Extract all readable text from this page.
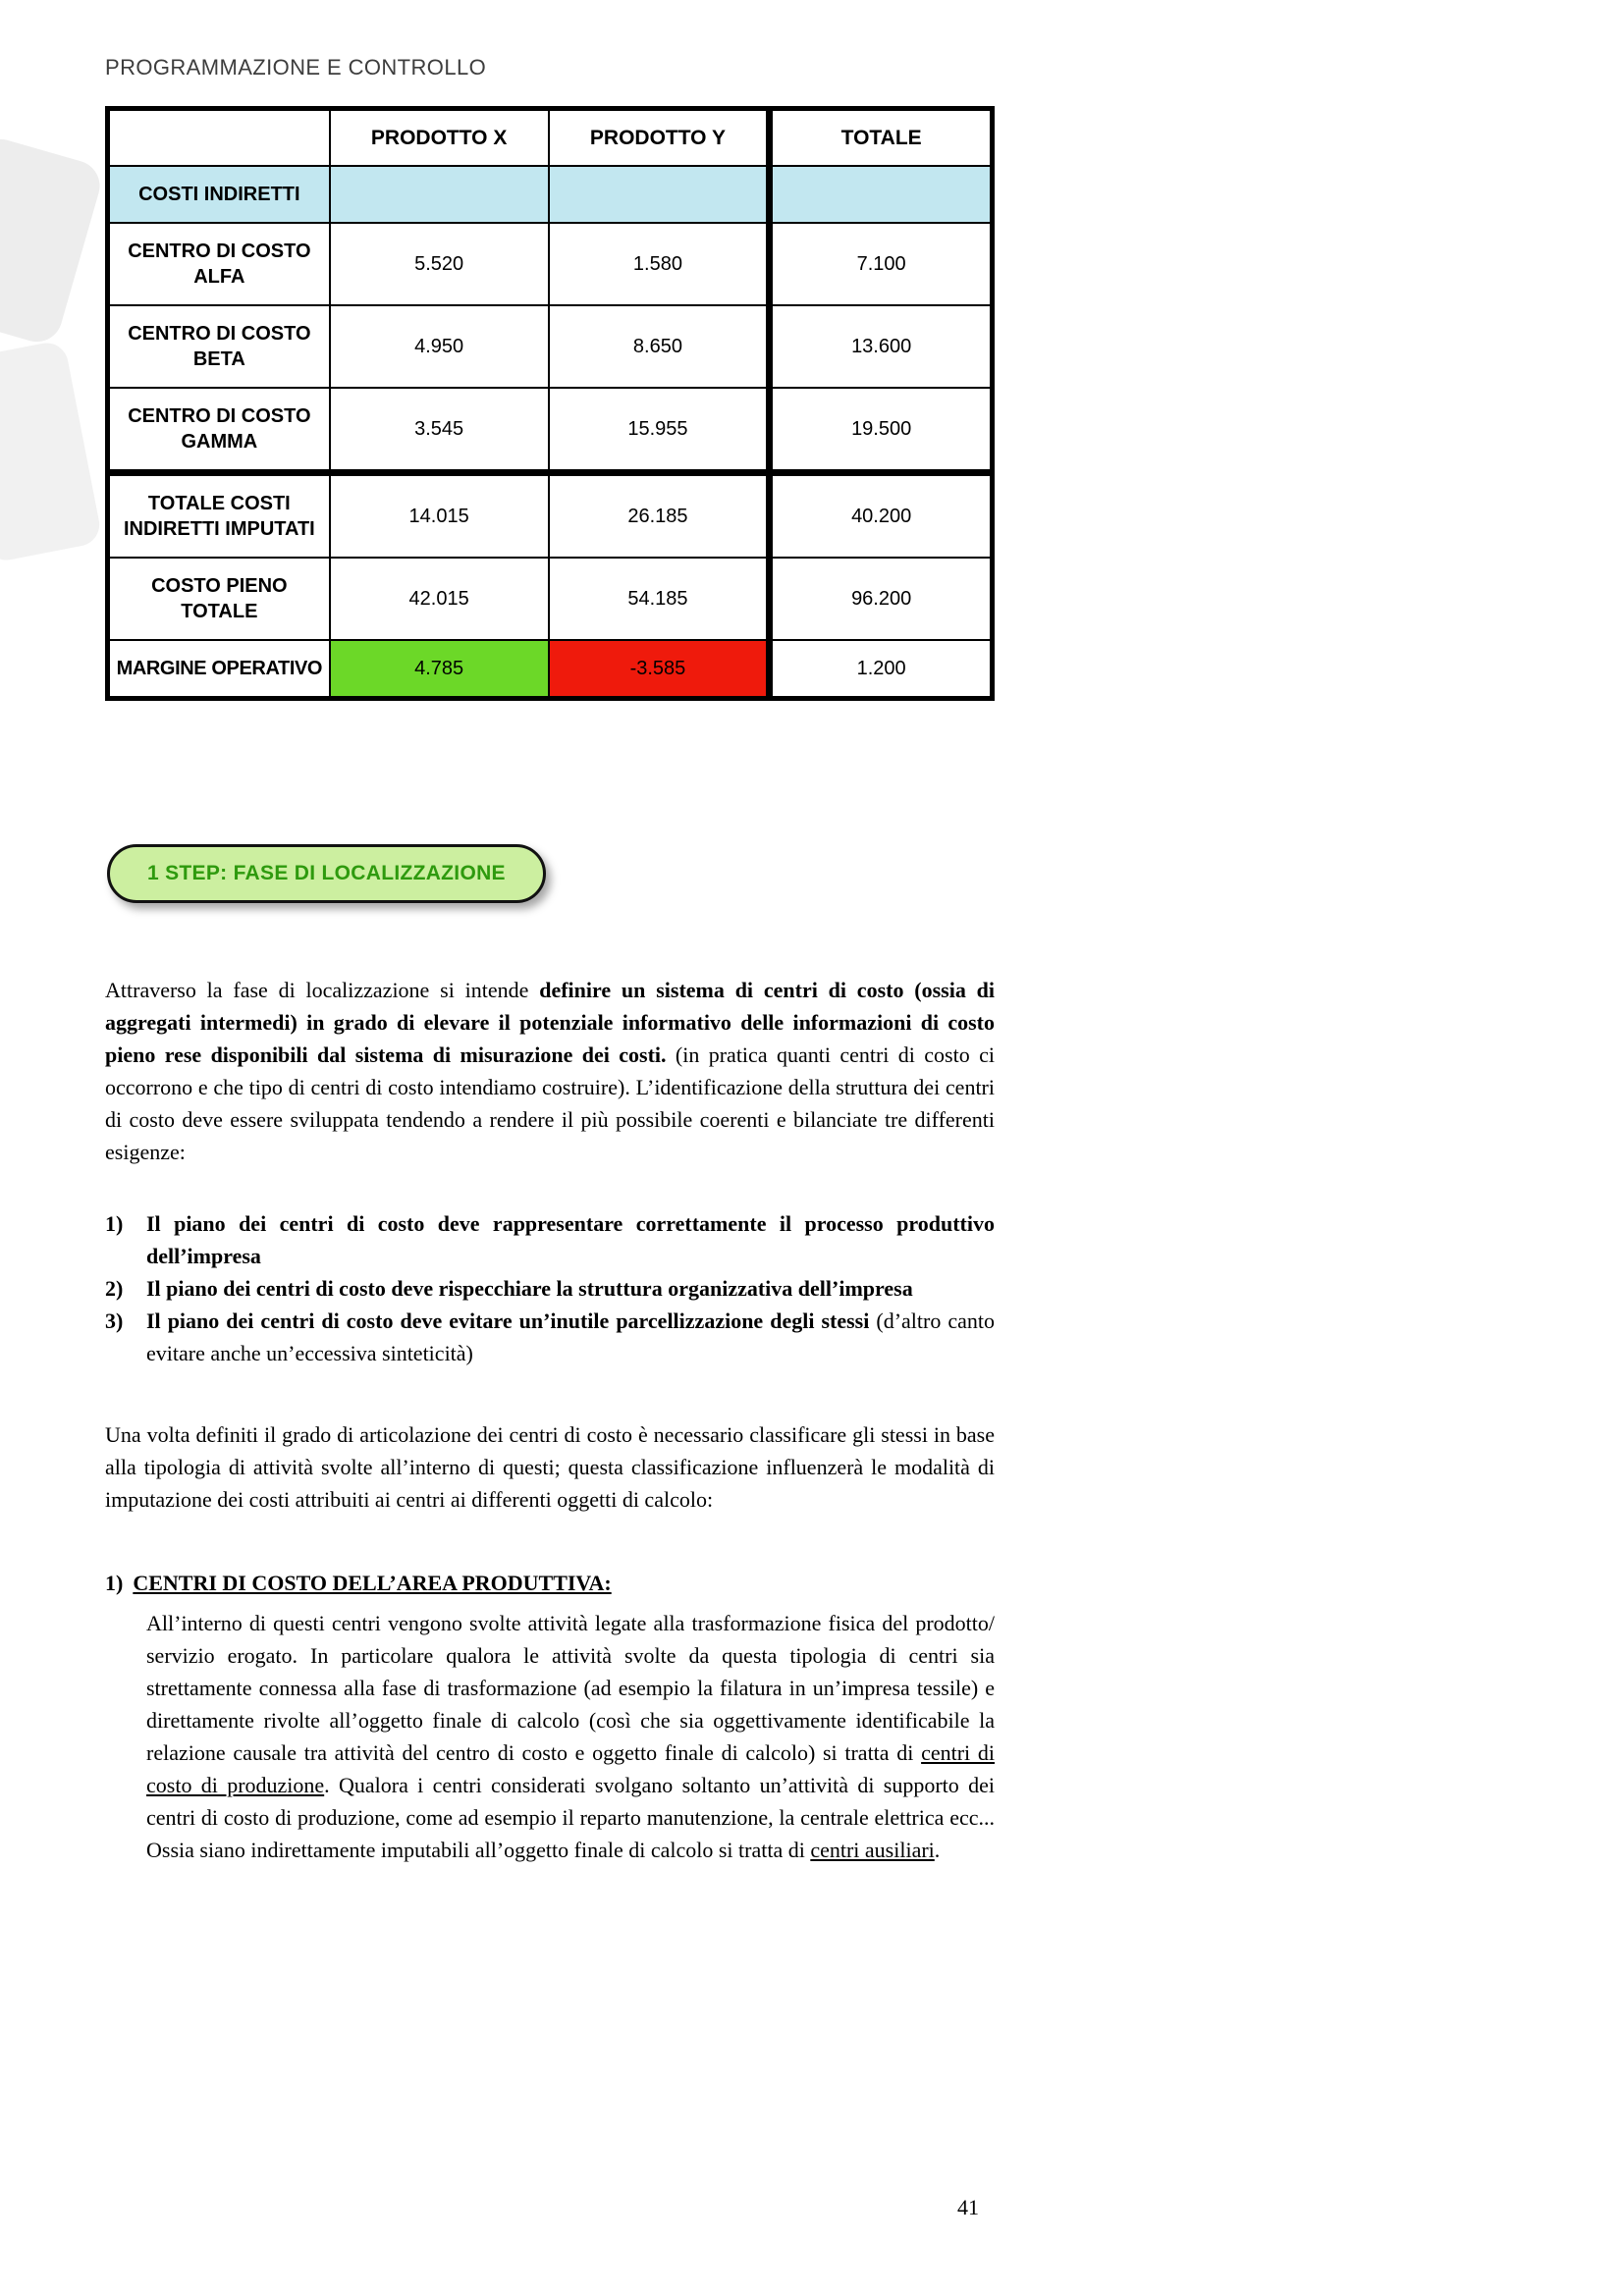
PROGRAMMAZIONE E CONTROLLO
	PRODOTTO X	PRODOTTO Y	TOTALE
COSTI INDIRETTI			
CENTRO DI COSTO ALFA	5.520	1.580	7.100
CENTRO DI COSTO BETA	4.950	8.650	13.600
CENTRO DI COSTO GAMMA	3.545	15.955	19.500
TOTALE COSTI INDIRETTI IMPUTATI	14.015	26.185	40.200
COSTO PIENO TOTALE	42.015	54.185	96.200
MARGINE OPERATIVO	4.785	-3.585	1.200
1 STEP: FASE DI LOCALIZZAZIONE

Attraverso la fase di localizzazione si intende definire un sistema di centri di costo (ossia di aggregati intermedi) in grado di elevare il potenziale informativo delle informazioni di costo pieno rese disponibili dal sistema di misurazione dei costi. (in pratica quanti centri di costo ci occorrono e che tipo di centri di costo intendiamo costruire). L’identificazione della struttura dei centri di costo deve essere sviluppata tendendo a rendere il più possibile coerenti e bilanciate tre differenti esigenze:

1)	Il piano dei centri di costo deve rappresentare correttamente il processo produttivo dell’impresa
2)	Il piano dei centri di costo deve rispecchiare la struttura organizzativa dell’impresa
3)	Il piano dei centri di costo deve evitare un’inutile parcellizzazione degli stessi (d’altro canto evitare anche un’eccessiva sinteticità)

Una volta definiti il grado di articolazione dei centri di costo è necessario classificare gli stessi in base alla tipologia di attività svolte all’interno di questi; questa classificazione influenzerà le modalità di imputazione dei costi attribuiti ai centri ai differenti oggetti di calcolo:

1) CENTRI DI COSTO DELL’AREA PRODUTTIVA:

All’interno di questi centri vengono svolte attività legate alla trasformazione fisica del prodotto/ servizio erogato. In particolare qualora le attività svolte da questa tipologia di centri sia strettamente connessa alla fase di trasformazione (ad esempio la filatura in un’impresa tessile) e direttamente rivolte all’oggetto finale di calcolo (così che sia oggettivamente identificabile la relazione causale tra attività del centro di costo e oggetto finale di calcolo) si tratta di centri di costo di produzione. Qualora i centri considerati svolgano soltanto un’attività di supporto dei centri di costo di produzione, come ad esempio il reparto manutenzione, la centrale elettrica ecc... Ossia siano indirettamente imputabili all’oggetto finale di calcolo si tratta di centri ausiliari.

41
